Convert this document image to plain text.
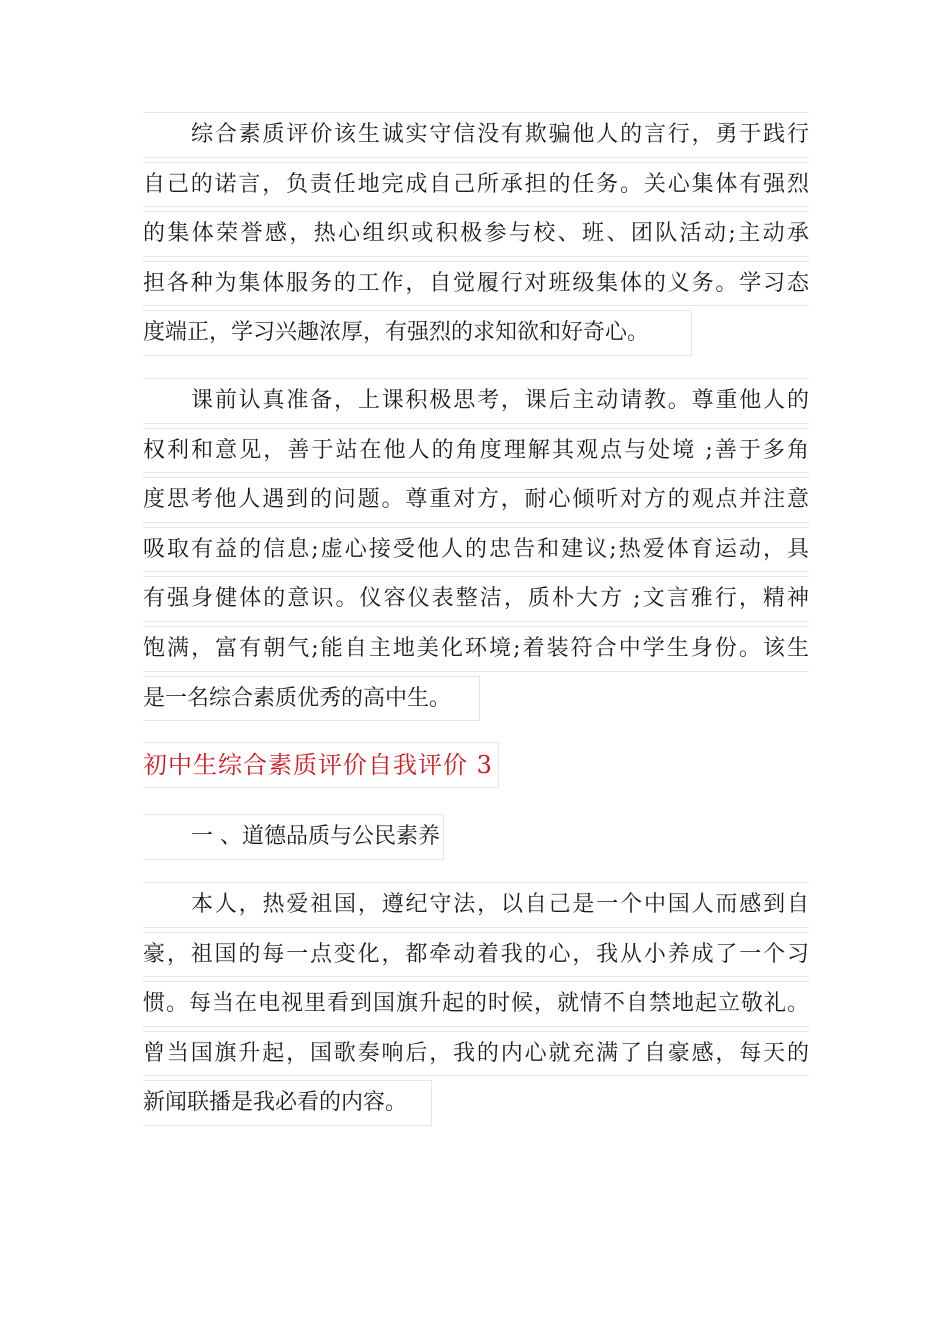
综合素质评价该生诚实守信没有欺骗他人的言行，勇于践行
自己的诺言，负责任地完成自己所承担的任务。关心集体有强烈
的集体荣誉感，热心组织或积极参与校、班、团队活动;主动承
担各种为集体服务的工作，自觉履行对班级集体的义务。学习态
度端正，学习兴趣浓厚，有强烈的求知欲和好奇心。
课前认真准备，上课积极思考，课后主动请教。尊重他人的
权利和意见，善于站在他人的角度理解其观点与处境 ;善于多角
度思考他人遇到的问题。尊重对方，耐心倾听对方的观点并注意
吸取有益的信息;虚心接受他人的忠告和建议;热爱体育运动，具
有强身健体的意识。仪容仪表整洁，质朴大方 ;文言雅行，精神
饱满，富有朝气;能自主地美化环境;着装符合中学生身份。该生
是一名综合素质优秀的高中生。
初中生综合素质评价自我评价 3
一 、道德品质与公民素养
本人，热爱祖国，遵纪守法，以自己是一个中国人而感到自
豪，祖国的每一点变化，都牵动着我的心，我从小养成了一个习
惯。每当在电视里看到国旗升起的时候，就情不自禁地起立敬礼。
曾当国旗升起，国歌奏响后，我的内心就充满了自豪感，每天的
新闻联播是我必看的内容。
